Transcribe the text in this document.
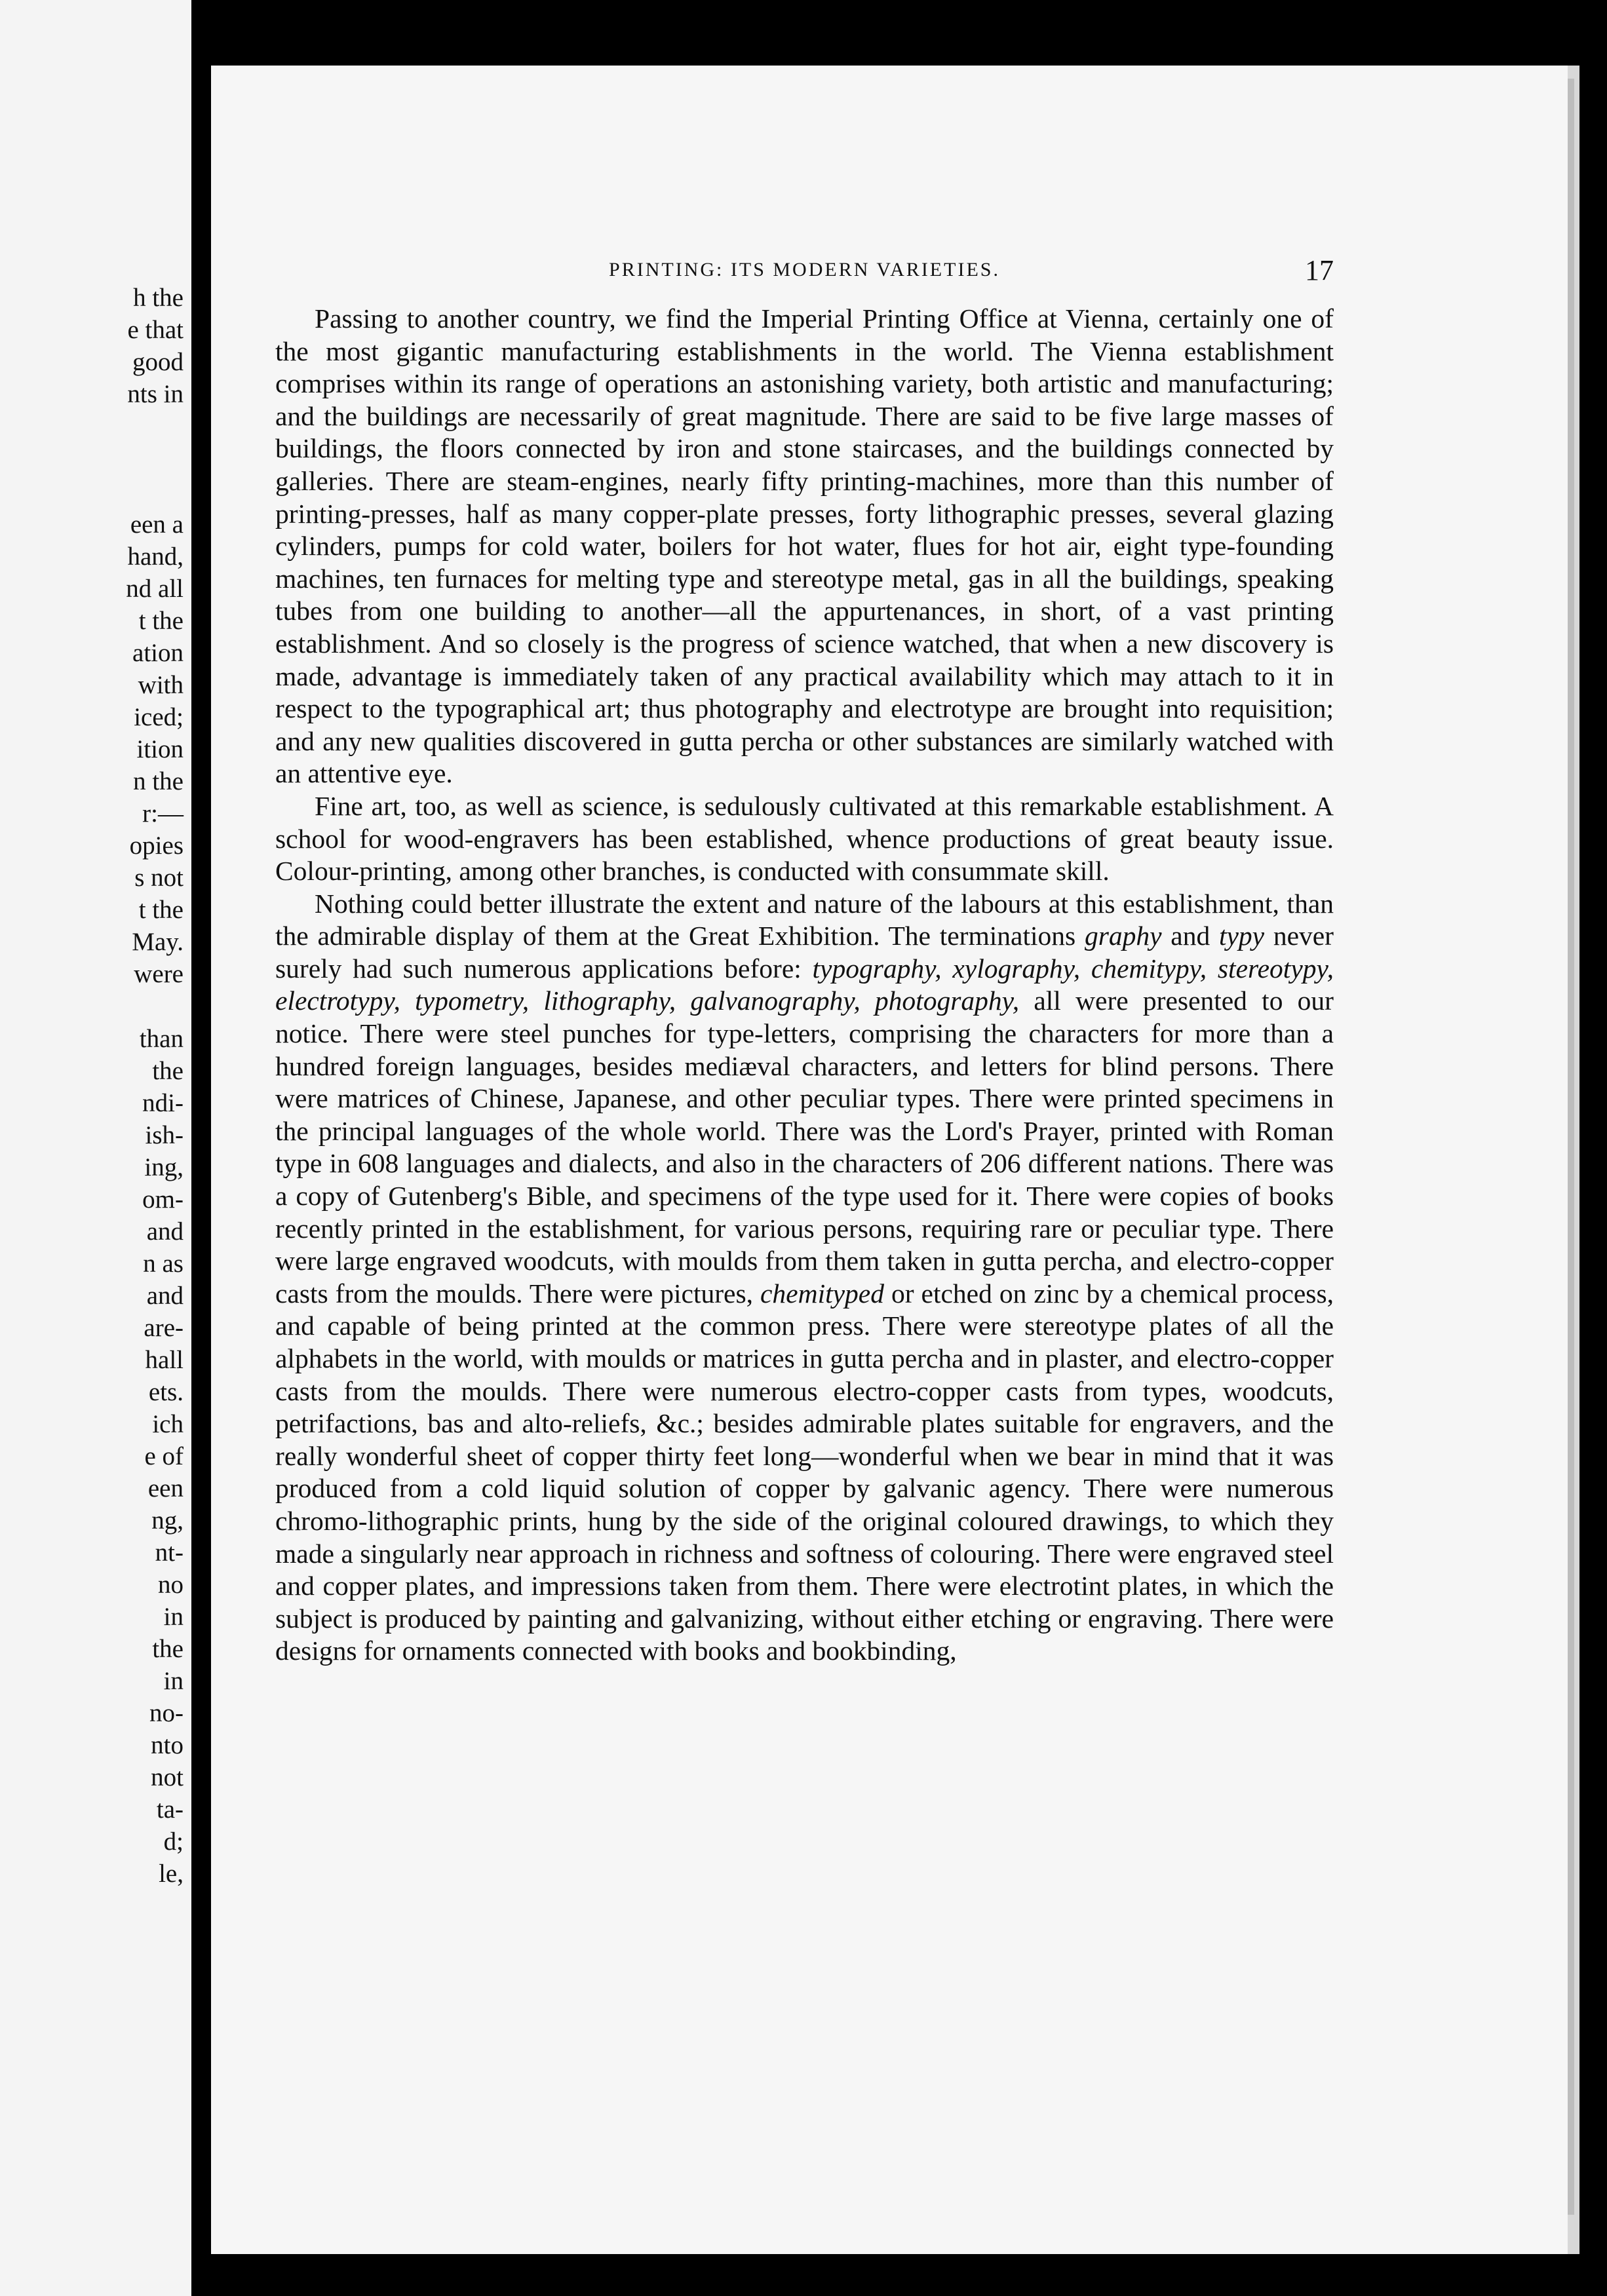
h the
e that
good
nts in
een a
hand,
nd all
t the
ation
with
iced;
ition
n the
r:—
opies
s not
t the
May.
were
than
the
ndi-
ish-
ing,
om-
and
n as
and
are-
hall
ets.
ich
e of
een
ng,
nt-
no
in
the
in
no-
nto
not
ta-
d;
le,
PRINTING: ITS MODERN VARIETIES.	17

Passing to another country, we find the Imperial Printing Office at Vienna, certainly one of the most gigantic manufacturing establishments in the world. The Vienna establishment comprises within its range of operations an astonishing variety, both artistic and manufacturing; and the buildings are necessarily of great magnitude. There are said to be five large masses of buildings, the floors connected by iron and stone staircases, and the buildings connected by galleries. There are steam-engines, nearly fifty printing-machines, more than this number of printing-presses, half as many copper-plate presses, forty lithographic presses, several glazing cylinders, pumps for cold water, boilers for hot water, flues for hot air, eight type-founding machines, ten furnaces for melting type and stereotype metal, gas in all the buildings, speaking tubes from one building to another—all the appurtenances, in short, of a vast printing establishment. And so closely is the progress of science watched, that when a new discovery is made, advantage is immediately taken of any practical availability which may attach to it in respect to the typographical art; thus photography and electrotype are brought into requisition; and any new qualities discovered in gutta percha or other substances are similarly watched with an attentive eye.

Fine art, too, as well as science, is sedulously cultivated at this remarkable establishment. A school for wood-engravers has been established, whence productions of great beauty issue. Colour-printing, among other branches, is conducted with consummate skill.

Nothing could better illustrate the extent and nature of the labours at this establishment, than the admirable display of them at the Great Exhibition. The terminations graphy and typy never surely had such numerous applications before: typography, xylography, chemitypy, stereotypy, electrotypy, typometry, lithography, galvanography, photography, all were presented to our notice. There were steel punches for type-letters, comprising the characters for more than a hundred foreign languages, besides mediæval characters, and letters for blind persons. There were matrices of Chinese, Japanese, and other peculiar types. There were printed specimens in the principal languages of the whole world. There was the Lord's Prayer, printed with Roman type in 608 languages and dialects, and also in the characters of 206 different nations. There was a copy of Gutenberg's Bible, and specimens of the type used for it. There were copies of books recently printed in the establishment, for various persons, requiring rare or peculiar type. There were large engraved woodcuts, with moulds from them taken in gutta percha, and electro-copper casts from the moulds. There were pictures, chemityped or etched on zinc by a chemical process, and capable of being printed at the common press. There were stereotype plates of all the alphabets in the world, with moulds or matrices in gutta percha and in plaster, and electro-copper casts from the moulds. There were numerous electro-copper casts from types, woodcuts, petrifactions, bas and alto-reliefs, &c.; besides admirable plates suitable for engravers, and the really wonderful sheet of copper thirty feet long—wonderful when we bear in mind that it was produced from a cold liquid solution of copper by galvanic agency. There were numerous chromo-lithographic prints, hung by the side of the original coloured drawings, to which they made a singularly near approach in richness and softness of colouring. There were engraved steel and copper plates, and impressions taken from them. There were electrotint plates, in which the subject is produced by painting and galvanizing, without either etching or engraving. There were designs for ornaments connected with books and bookbinding,
